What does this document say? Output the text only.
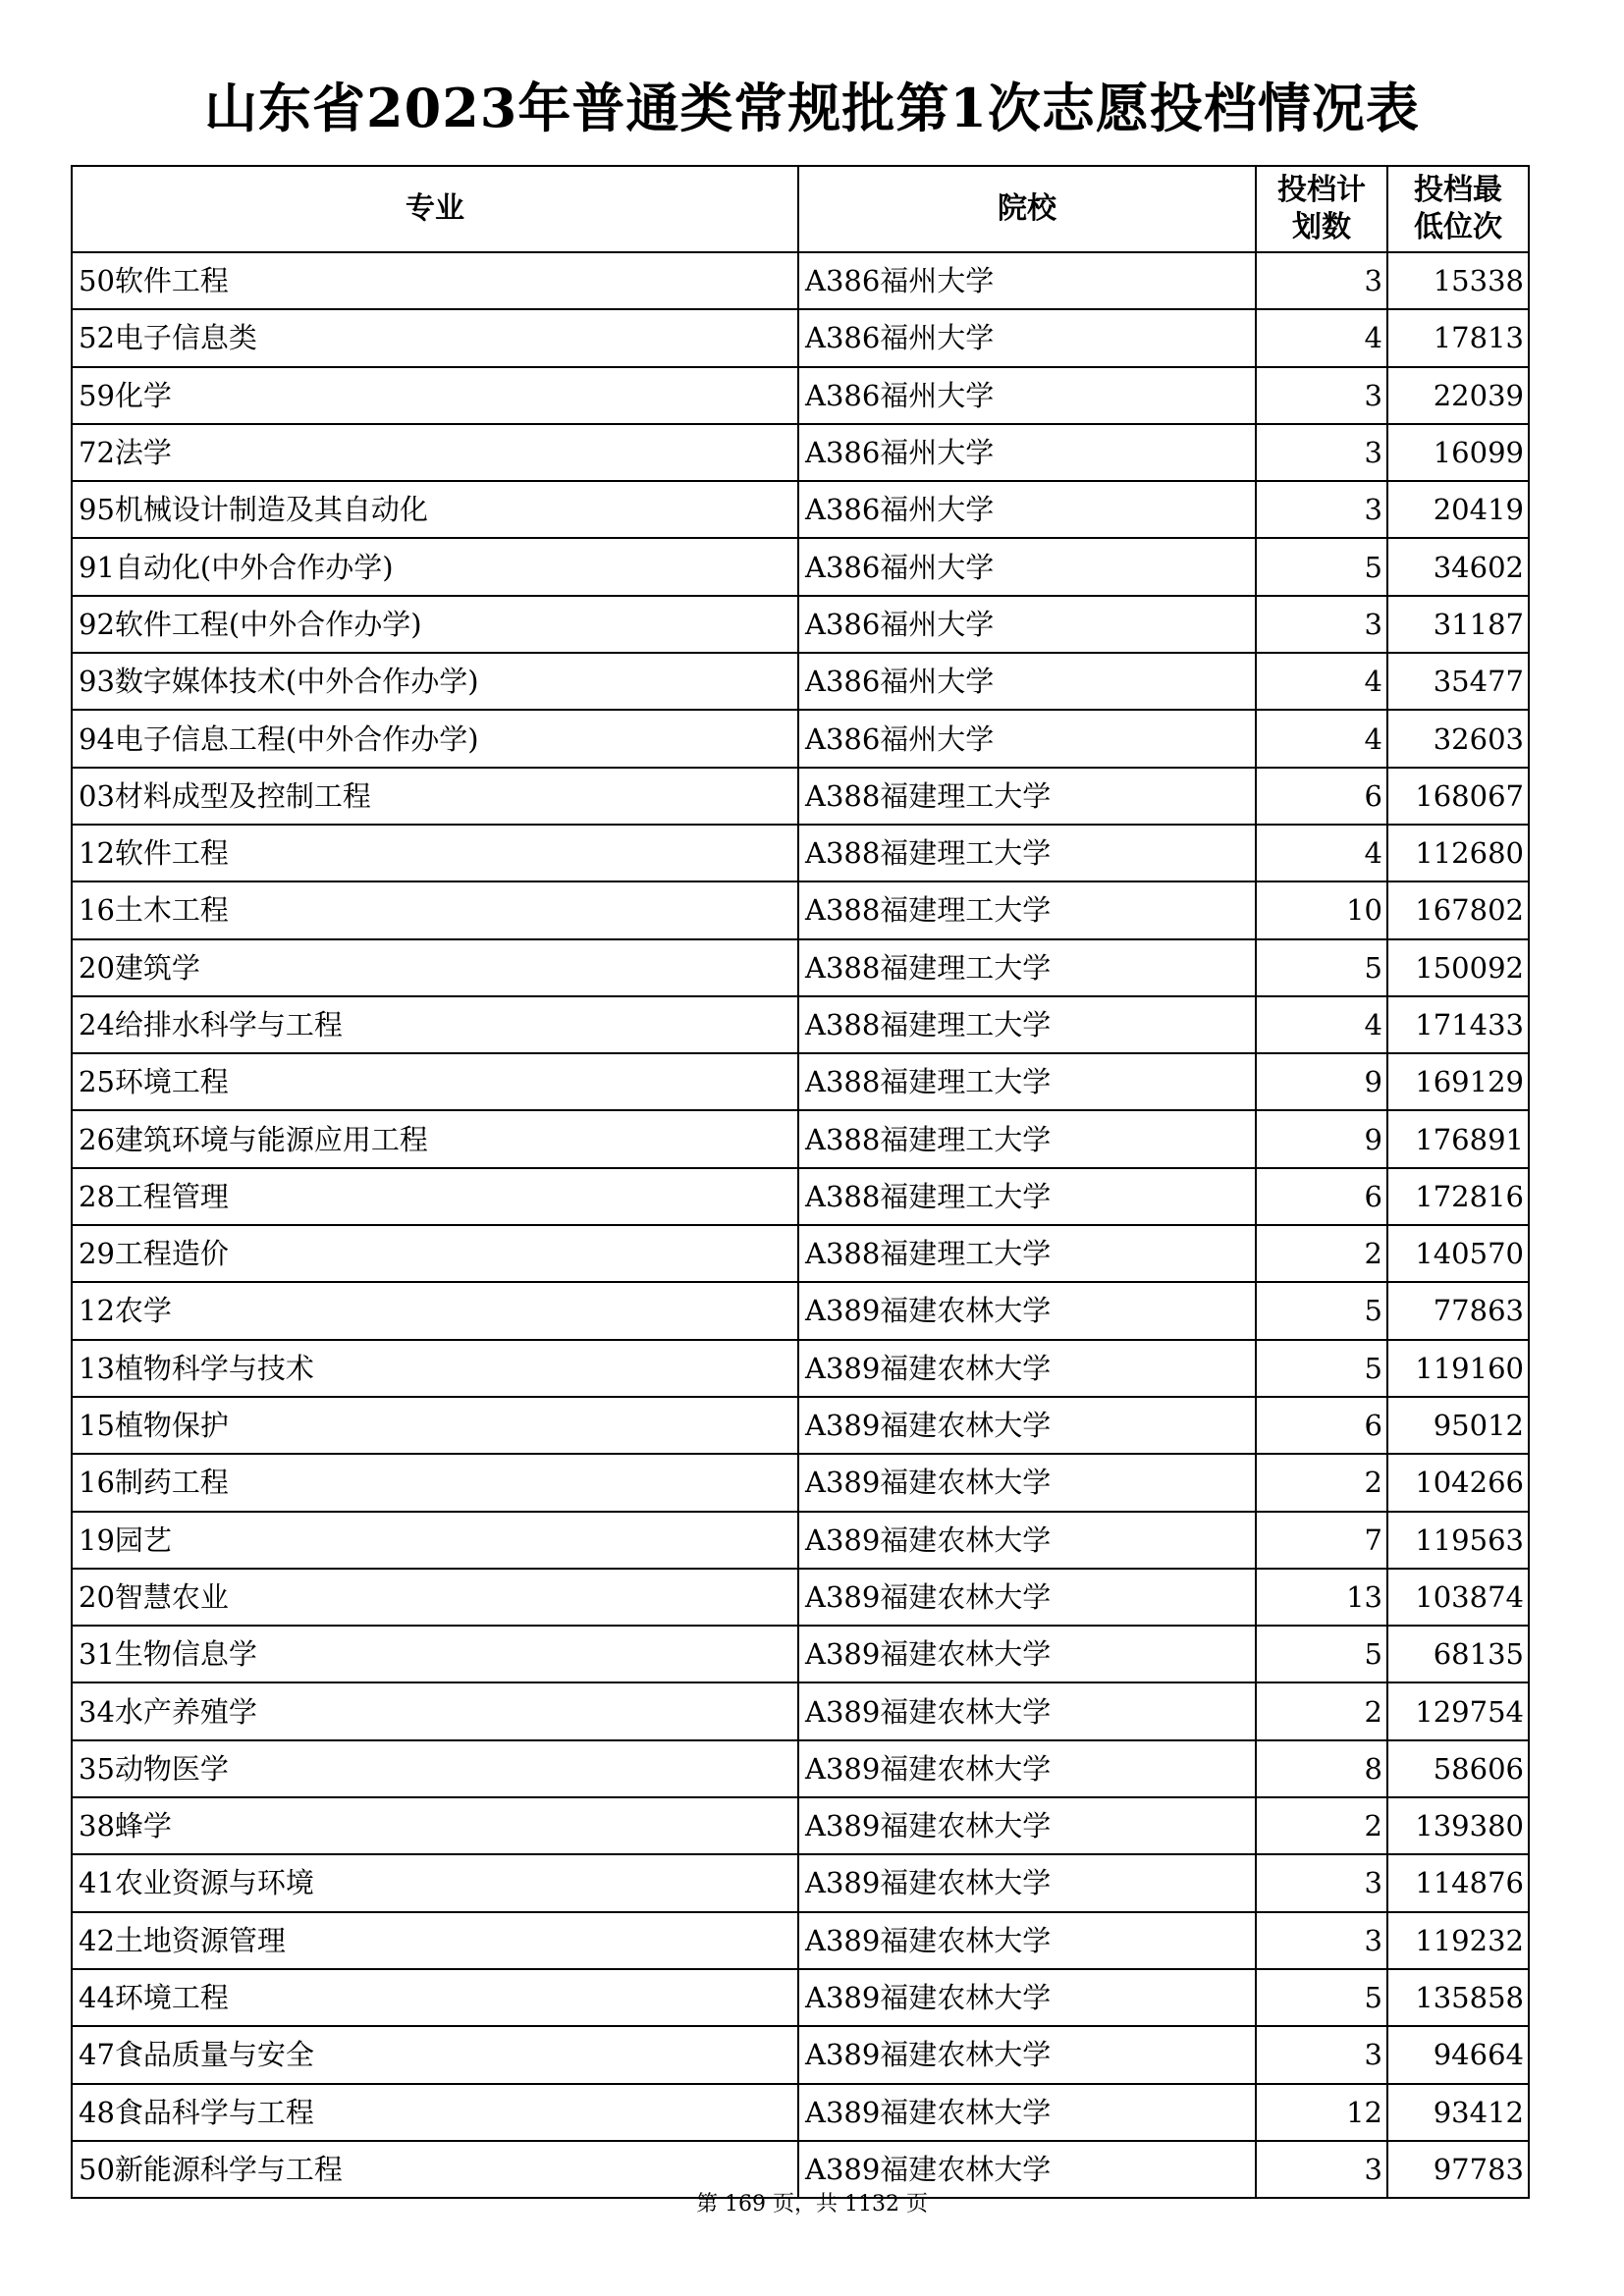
山东省2023年普通类常规批第1次志愿投档情况表
专业	院校	投档计划数	投档最低位次

50软件工程	A386福州大学	3	15338
52电子信息类	A386福州大学	4	17813
59化学	A386福州大学	3	22039
72法学	A386福州大学	3	16099
95机械设计制造及其自动化	A386福州大学	3	20419
91自动化(中外合作办学)	A386福州大学	5	34602
92软件工程(中外合作办学)	A386福州大学	3	31187
93数字媒体技术(中外合作办学)	A386福州大学	4	35477
94电子信息工程(中外合作办学)	A386福州大学	4	32603
03材料成型及控制工程	A388福建理工大学	6	168067
12软件工程	A388福建理工大学	4	112680
16土木工程	A388福建理工大学	10	167802
20建筑学	A388福建理工大学	5	150092
24给排水科学与工程	A388福建理工大学	4	171433
25环境工程	A388福建理工大学	9	169129
26建筑环境与能源应用工程	A388福建理工大学	9	176891
28工程管理	A388福建理工大学	6	172816
29工程造价	A388福建理工大学	2	140570
12农学	A389福建农林大学	5	77863
13植物科学与技术	A389福建农林大学	5	119160
15植物保护	A389福建农林大学	6	95012
16制药工程	A389福建农林大学	2	104266
19园艺	A389福建农林大学	7	119563
20智慧农业	A389福建农林大学	13	103874
31生物信息学	A389福建农林大学	5	68135
34水产养殖学	A389福建农林大学	2	129754
35动物医学	A389福建农林大学	8	58606
38蜂学	A389福建农林大学	2	139380
41农业资源与环境	A389福建农林大学	3	114876
42土地资源管理	A389福建农林大学	3	119232
44环境工程	A389福建农林大学	5	135858
47食品质量与安全	A389福建农林大学	3	94664
48食品科学与工程	A389福建农林大学	12	93412
50新能源科学与工程	A389福建农林大学	3	97783
第 169 页，共 1132 页
